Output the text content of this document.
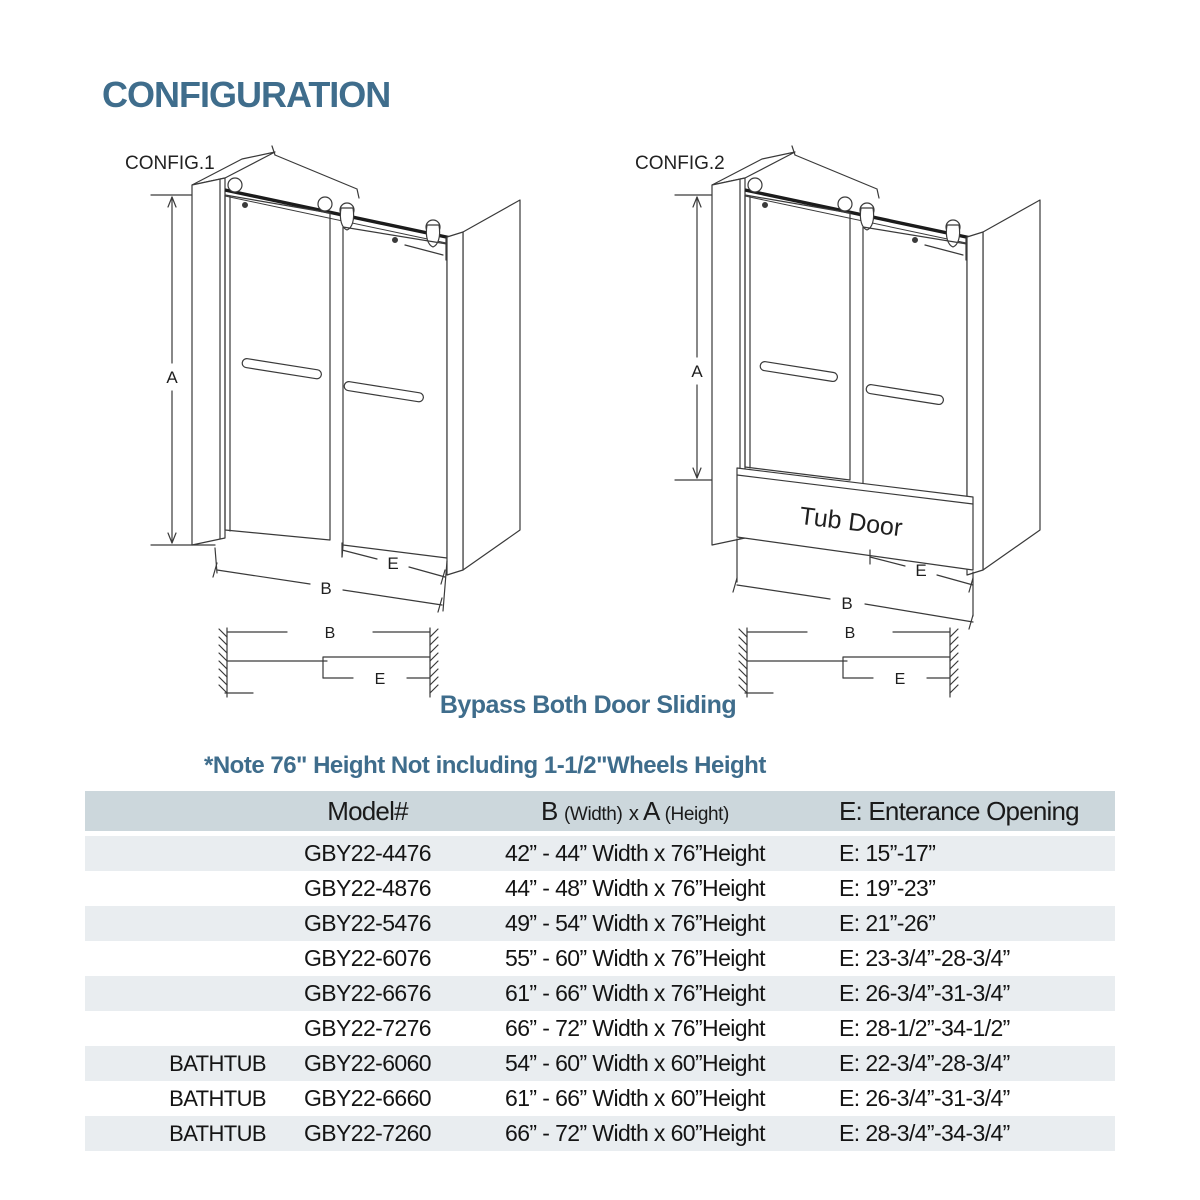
CONFIGURATION
CONFIG.1
A
B
E
B
E
CONFIG.2
A
Tub Door
B
E
B
E
Bypass Both Door Sliding
*Note 76" Height Not including 1-1/2"Wheels Height
	Model#	B (Width) x A (Height)	E: Enterance Opening
	GBY22-4476	42” - 44” Width x 76”Height	E: 15”-17”
	GBY22-4876	44” - 48” Width x 76”Height	E: 19”-23”
	GBY22-5476	49” - 54” Width x 76”Height	E: 21”-26”
	GBY22-6076	55” - 60” Width x 76”Height	E: 23-3/4”-28-3/4”
	GBY22-6676	61” - 66” Width x 76”Height	E: 26-3/4”-31-3/4”
	GBY22-7276	66” - 72” Width x 76”Height	E: 28-1/2”-34-1/2”
BATHTUB	GBY22-6060	54” - 60” Width x 60”Height	E: 22-3/4”-28-3/4”
BATHTUB	GBY22-6660	61” - 66” Width x 60”Height	E: 26-3/4”-31-3/4”
BATHTUB	GBY22-7260	66” - 72” Width x 60”Height	E: 28-3/4”-34-3/4”
